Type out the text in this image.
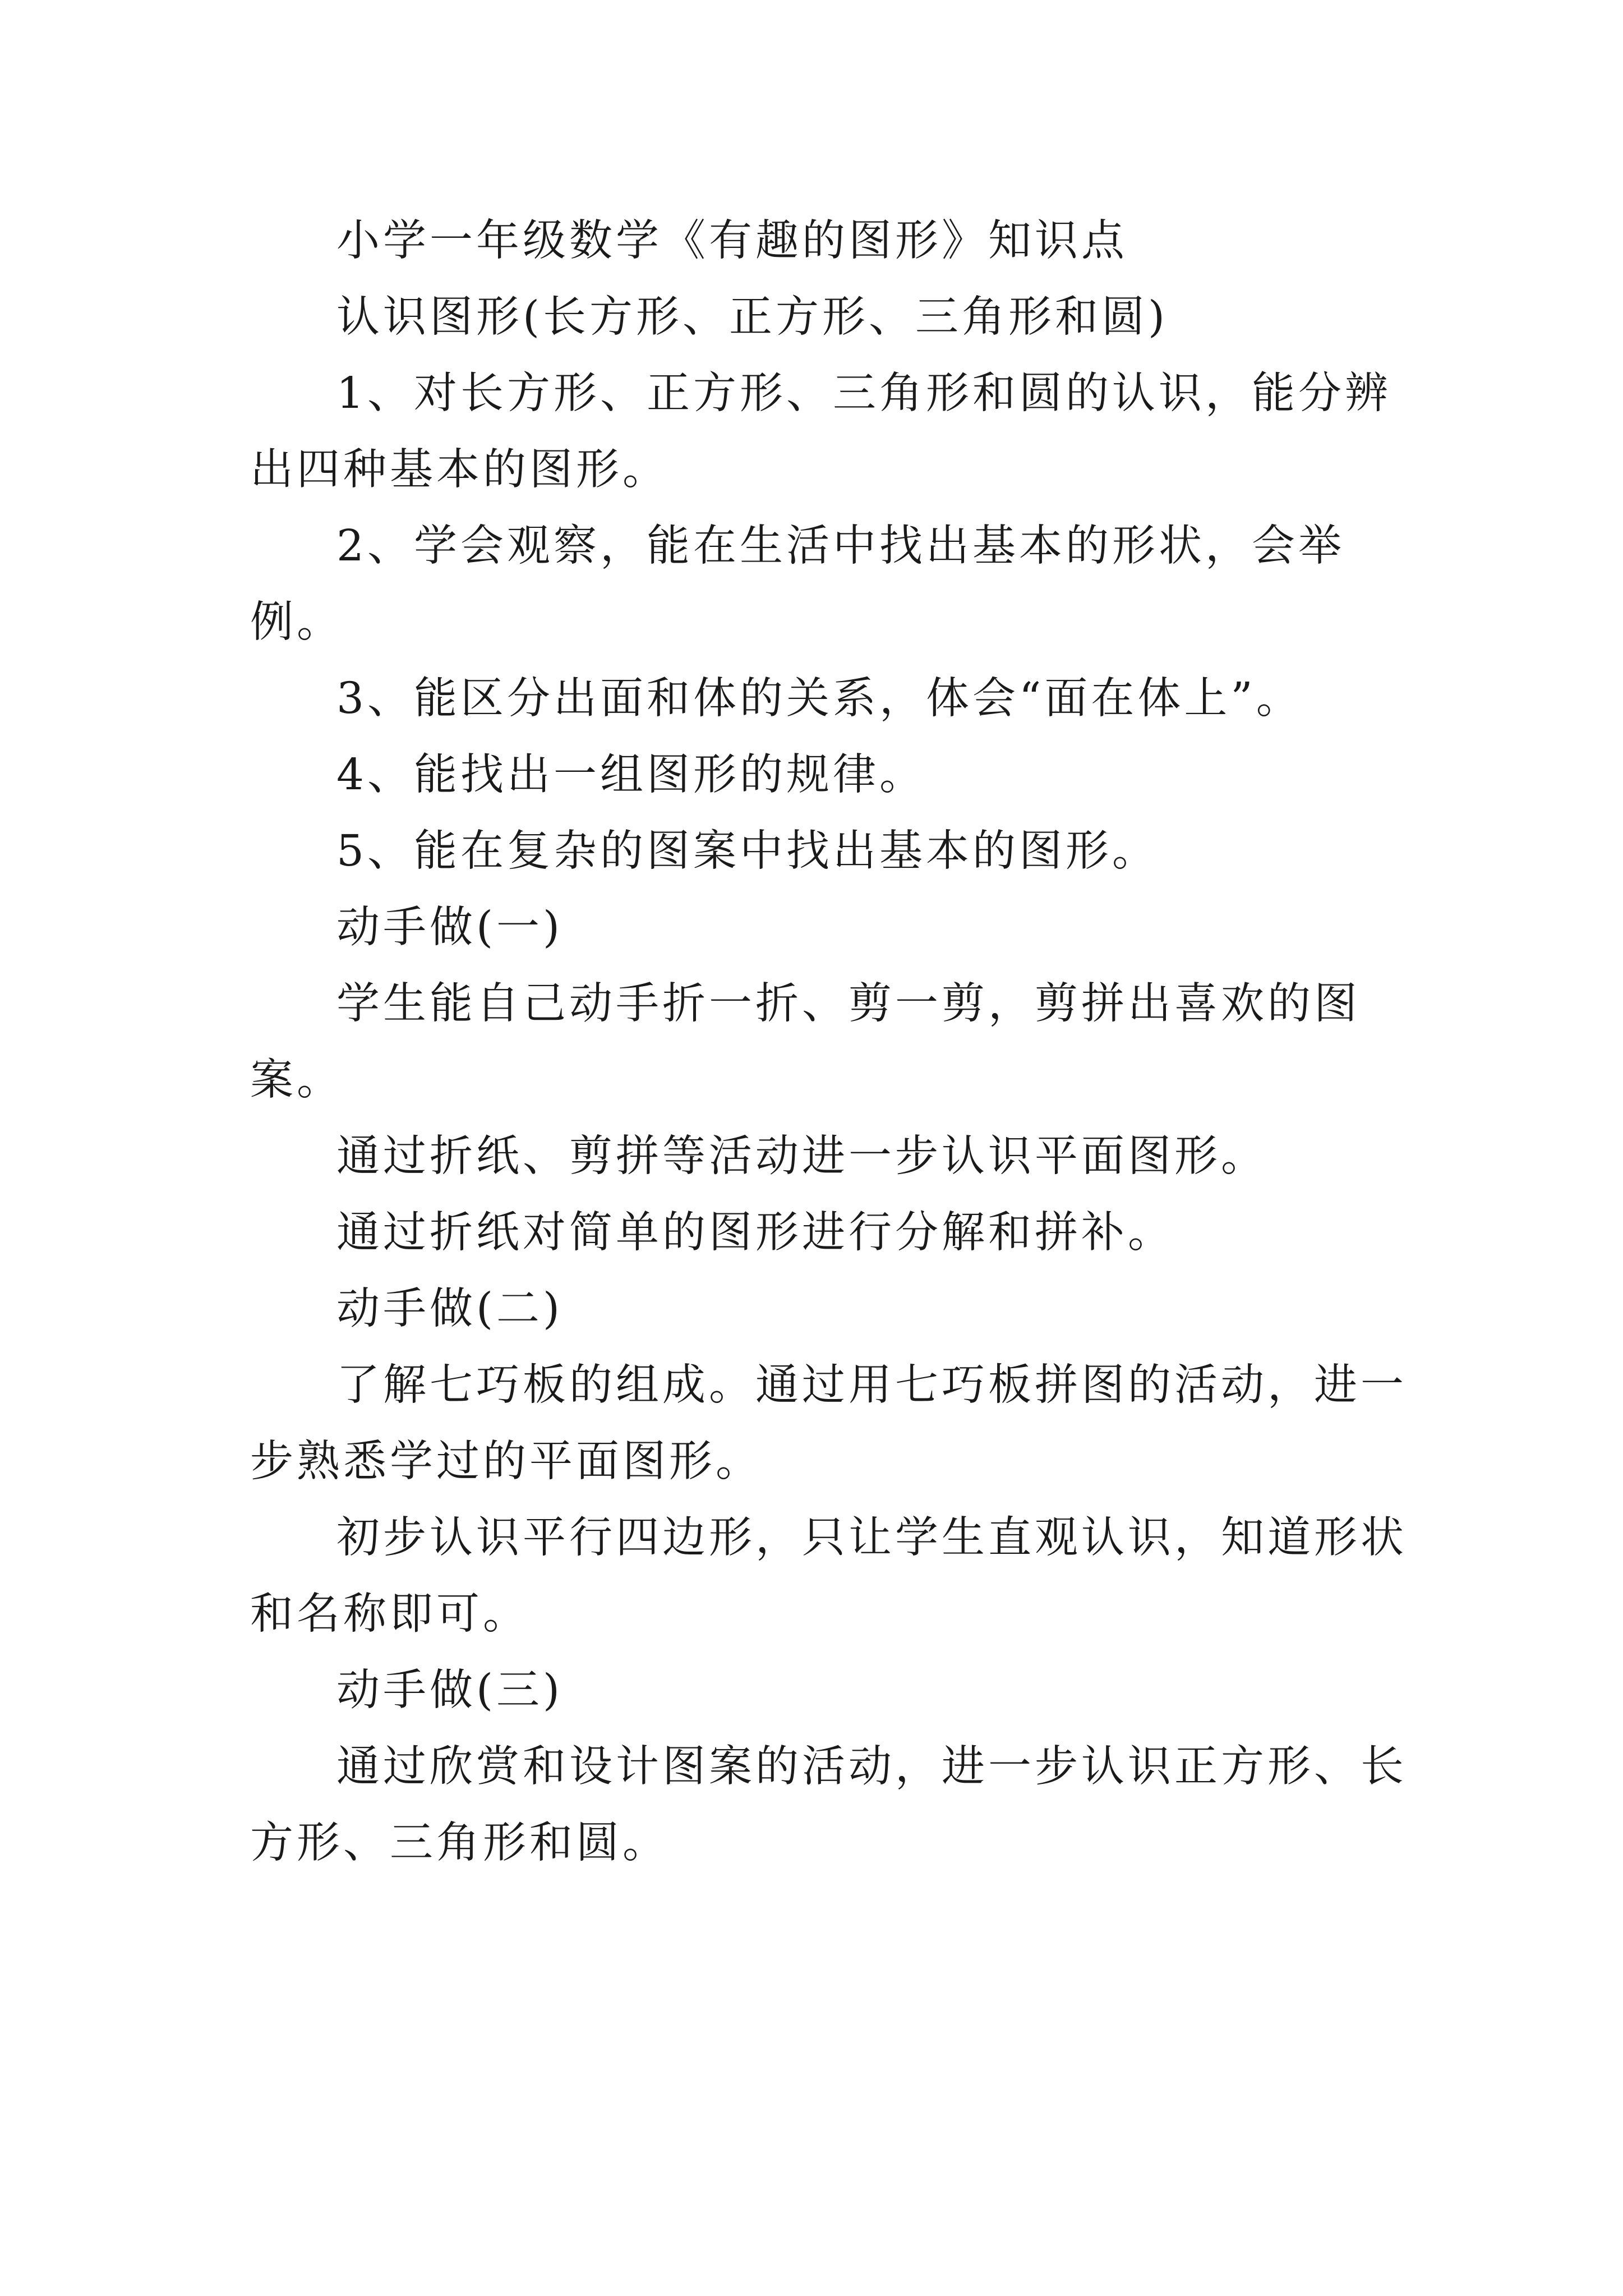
小学一年级数学《有趣的图形》知识点

认识图形(长方形、正方形、三角形和圆)

1、对长方形、正方形、三角形和圆的认识，能分辨出四种基本的图形。

2、学会观察，能在生活中找出基本的形状，会举例。

3、能区分出面和体的关系，体会“面在体上”。

4、能找出一组图形的规律。

5、能在复杂的图案中找出基本的图形。

动手做(一)

学生能自己动手折一折、剪一剪，剪拼出喜欢的图案。

通过折纸、剪拼等活动进一步认识平面图形。

通过折纸对简单的图形进行分解和拼补。

动手做(二)

了解七巧板的组成。通过用七巧板拼图的活动，进一步熟悉学过的平面图形。

初步认识平行四边形，只让学生直观认识，知道形状和名称即可。

动手做(三)

通过欣赏和设计图案的活动，进一步认识正方形、长方形、三角形和圆。
